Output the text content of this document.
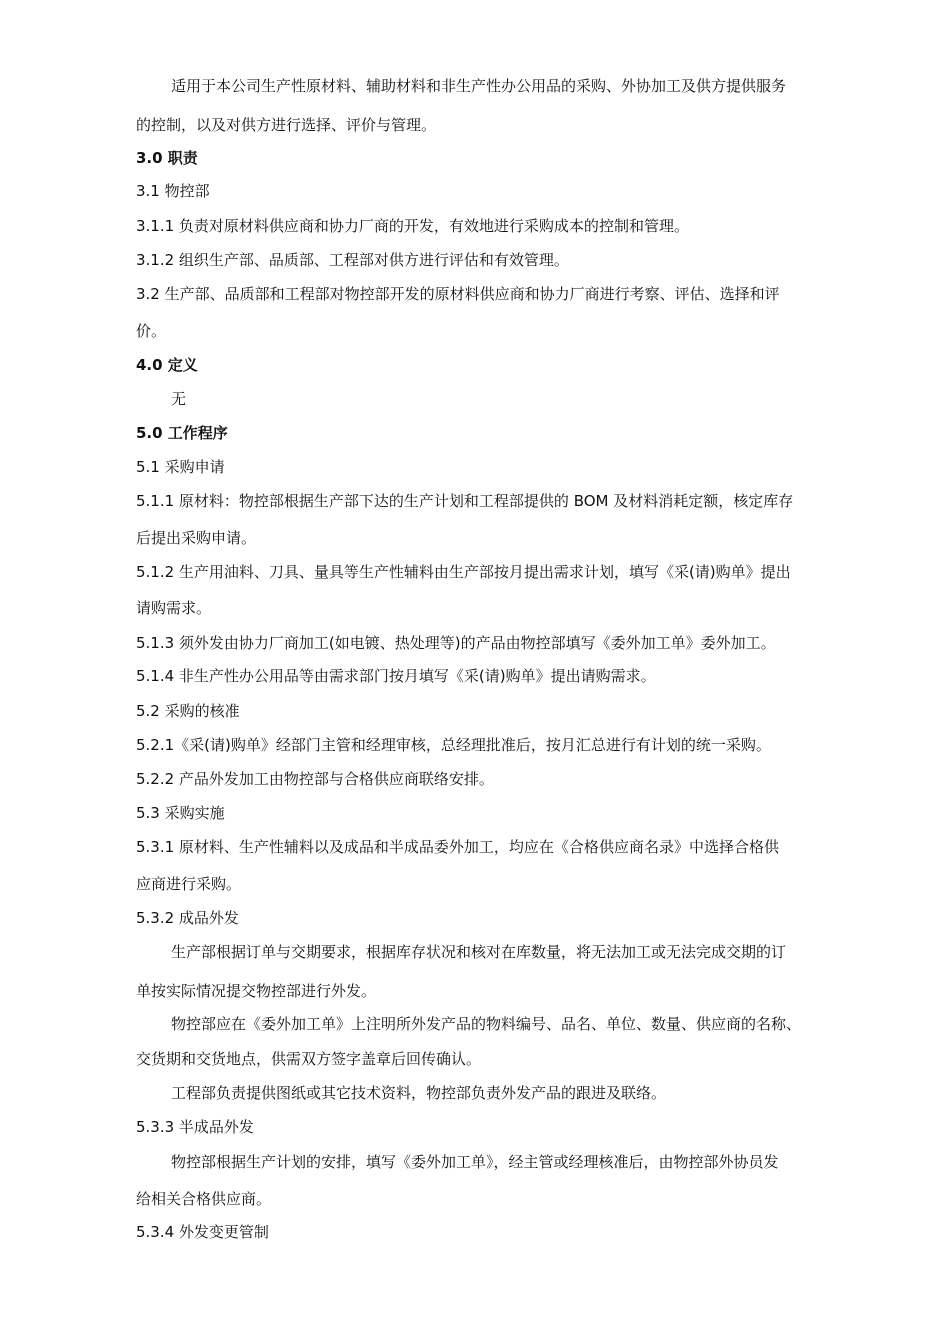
适用于本公司生产性原材料、辅助材料和非生产性办公用品的采购、外协加工及供方提供服务
的控制，以及对供方进行选择、评价与管理。
3.0 职责
3.1 物控部
3.1.1 负责对原材料供应商和协力厂商的开发，有效地进行采购成本的控制和管理。
3.1.2 组织生产部、品质部、工程部对供方进行评估和有效管理。
3.2 生产部、品质部和工程部对物控部开发的原材料供应商和协力厂商进行考察、评估、选择和评
价。
4.0 定义
无
5.0 工作程序
5.1 采购申请
5.1.1 原材料：物控部根据生产部下达的生产计划和工程部提供的 BOM 及材料消耗定额，核定库存
后提出采购申请。
5.1.2 生产用油料、刀具、量具等生产性辅料由生产部按月提出需求计划，填写《采(请)购单》提出
请购需求。
5.1.3 须外发由协力厂商加工(如电镀、热处理等)的产品由物控部填写《委外加工单》委外加工。
5.1.4 非生产性办公用品等由需求部门按月填写《采(请)购单》提出请购需求。
5.2 采购的核准
5.2.1《采(请)购单》经部门主管和经理审核，总经理批准后，按月汇总进行有计划的统一采购。
5.2.2 产品外发加工由物控部与合格供应商联络安排。
5.3 采购实施
5.3.1 原材料、生产性辅料以及成品和半成品委外加工，均应在《合格供应商名录》中选择合格供
应商进行采购。
5.3.2 成品外发
生产部根据订单与交期要求，根据库存状况和核对在库数量，将无法加工或无法完成交期的订
单按实际情况提交物控部进行外发。
物控部应在《委外加工单》上注明所外发产品的物料编号、品名、单位、数量、供应商的名称、
交货期和交货地点，供需双方签字盖章后回传确认。
工程部负责提供图纸或其它技术资料，物控部负责外发产品的跟进及联络。
5.3.3 半成品外发
物控部根据生产计划的安排，填写《委外加工单》，经主管或经理核准后，由物控部外协员发
给相关合格供应商。
5.3.4 外发变更管制
